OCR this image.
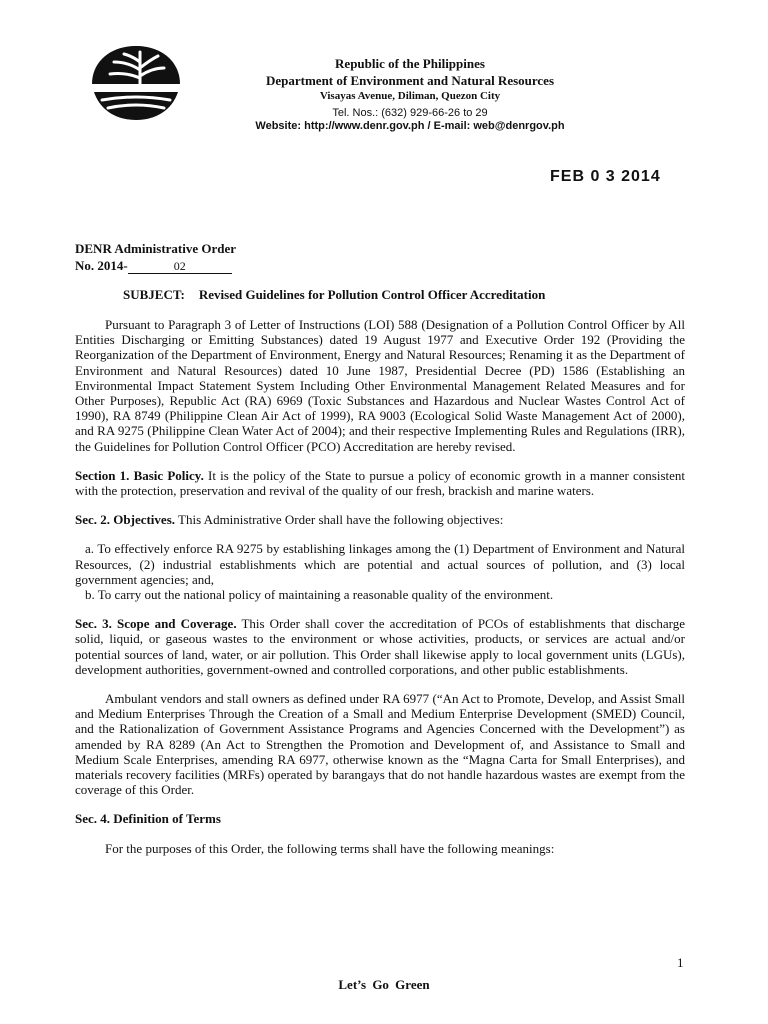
Republic of the Philippines
Department of Environment and Natural Resources
Visayas Avenue, Diliman, Quezon City
Tel. Nos.: (632) 929-66-26 to 29
Website: http://www.denr.gov.ph / E-mail: web@denrgov.ph
FEB 0 3 2014
DENR Administrative Order
No. 2014-	02
SUBJECT: Revised Guidelines for Pollution Control Officer Accreditation

Pursuant to Paragraph 3 of Letter of Instructions (LOI) 588 (Designation of a Pollution Control Officer by All Entities Discharging or Emitting Substances) dated 19 August 1977 and Executive Order 192 (Providing the Reorganization of the Department of Environment, Energy and Natural Resources; Renaming it as the Department of Environment and Natural Resources) dated 10 June 1987, Presidential Decree (PD) 1586 (Establishing an Environmental Impact Statement System Including Other Environmental Management Related Measures and for Other Purposes), Republic Act (RA) 6969 (Toxic Substances and Hazardous and Nuclear Wastes Control Act of 1990), RA 8749 (Philippine Clean Air Act of 1999), RA 9003 (Ecological Solid Waste Management Act of 2000), and RA 9275 (Philippine Clean Water Act of 2004); and their respective Implementing Rules and Regulations (IRR), the Guidelines for Pollution Control Officer (PCO) Accreditation are hereby revised.

Section 1. Basic Policy. It is the policy of the State to pursue a policy of economic growth in a manner consistent with the protection, preservation and revival of the quality of our fresh, brackish and marine waters.

Sec. 2. Objectives. This Administrative Order shall have the following objectives:

a. To effectively enforce RA 9275 by establishing linkages among the (1) Department of Environment and Natural Resources, (2) industrial establishments which are potential and actual sources of pollution, and (3) local government agencies; and,

b. To carry out the national policy of maintaining a reasonable quality of the environment.

Sec. 3. Scope and Coverage. This Order shall cover the accreditation of PCOs of establishments that discharge solid, liquid, or gaseous wastes to the environment or whose activities, products, or services are actual and/or potential sources of land, water, or air pollution. This Order shall likewise apply to local government units (LGUs), development authorities, government-owned and controlled corporations, and other public establishments.

Ambulant vendors and stall owners as defined under RA 6977 (“An Act to Promote, Develop, and Assist Small and Medium Enterprises Through the Creation of a Small and Medium Enterprise Development (SMED) Council, and the Rationalization of Government Assistance Programs and Agencies Concerned with the Development”) as amended by RA 8289 (An Act to Strengthen the Promotion and Development of, and Assistance to Small and Medium Scale Enterprises, amending RA 6977, otherwise known as the “Magna Carta for Small Enterprises), and materials recovery facilities (MRFs) operated by barangays that do not handle hazardous wastes are exempt from the coverage of this Order.

Sec. 4. Definition of Terms

For the purposes of this Order, the following terms shall have the following meanings:

1
Let’s Go Green
